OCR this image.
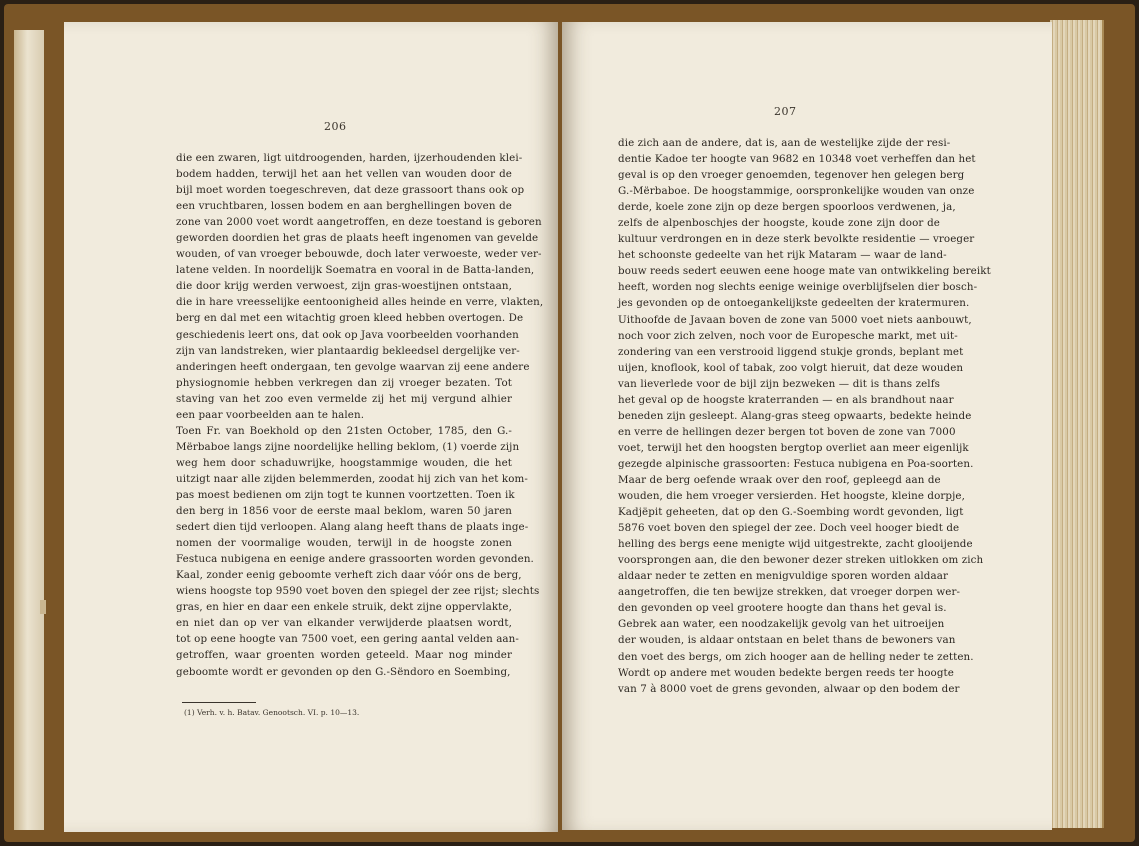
206
die een zwaren, ligt uitdroogenden, harden, ijzerhoudenden klei-
bodem hadden, terwijl het aan het vellen van wouden door de
bijl moet worden toegeschreven, dat deze grassoort thans ook op
een vruchtbaren, lossen bodem en aan berghellingen boven de
zone van 2000 voet wordt aangetroffen, en deze toestand is geboren
geworden doordien het gras de plaats heeft ingenomen van gevelde
wouden, of van vroeger bebouwde, doch later verwoeste, weder ver-
latene velden. In noordelijk Soematra en vooral in de Batta-landen,
die door krijg werden verwoest, zijn gras-woestijnen ontstaan,
die in hare vreesselijke eentoonigheid alles heinde en verre, vlakten,
berg en dal met een witachtig groen kleed hebben overtogen. De
geschiedenis leert ons, dat ook op Java voorbeelden voorhanden
zijn van landstreken, wier plantaardig bekleedsel dergelijke ver-
anderingen heeft ondergaan, ten gevolge waarvan zij eene andere
physiognomie hebben verkregen dan zij vroeger bezaten. Tot
staving van het zoo even vermelde zij het mij vergund alhier
een paar voorbeelden aan te halen.
Toen Fr. van Boekhold op den 21sten October, 1785, den G.-
Mërbaboe langs zijne noordelijke helling beklom, (1) voerde zijn
weg hem door schaduwrijke, hoogstammige wouden, die het
uitzigt naar alle zijden belemmerden, zoodat hij zich van het kom-
pas moest bedienen om zijn togt te kunnen voortzetten. Toen ik
den berg in 1856 voor de eerste maal beklom, waren 50 jaren
sedert dien tijd verloopen. Alang alang heeft thans de plaats inge-
nomen der voormalige wouden, terwijl in de hoogste zonen
Festuca nubigena en eenige andere grassoorten worden gevonden.
Kaal, zonder eenig geboomte verheft zich daar vóór ons de berg,
wiens hoogste top 9590 voet boven den spiegel der zee rijst; slechts
gras, en hier en daar een enkele struik, dekt zijne oppervlakte,
en niet dan op ver van elkander verwijderde plaatsen wordt,
tot op eene hoogte van 7500 voet, een gering aantal velden aan-
getroffen, waar groenten worden geteeld. Maar nog minder
geboomte wordt er gevonden op den G.-Sëndoro en Soembing,
(1) Verh. v. h. Batav. Genootsch. VI. p. 10—13.
207
die zich aan de andere, dat is, aan de westelijke zijde der resi-
dentie Kadoe ter hoogte van 9682 en 10348 voet verheffen dan het
geval is op den vroeger genoemden, tegenover hen gelegen berg
G.-Mërbaboe. De hoogstammige, oorspronkelijke wouden van onze
derde, koele zone zijn op deze bergen spoorloos verdwenen, ja,
zelfs de alpenboschjes der hoogste, koude zone zijn door de
kultuur verdrongen en in deze sterk bevolkte residentie — vroeger
het schoonste gedeelte van het rijk Mataram — waar de land-
bouw reeds sedert eeuwen eene hooge mate van ontwikkeling bereikt
heeft, worden nog slechts eenige weinige overblijfselen dier bosch-
jes gevonden op de ontoegankelijkste gedeelten der kratermuren.
Uithoofde de Javaan boven de zone van 5000 voet niets aanbouwt,
noch voor zich zelven, noch voor de Europesche markt, met uit-
zondering van een verstrooid liggend stukje gronds, beplant met
uijen, knoflook, kool of tabak, zoo volgt hieruit, dat deze wouden
van lieverlede voor de bijl zijn bezweken — dit is thans zelfs
het geval op de hoogste kraterranden — en als brandhout naar
beneden zijn gesleept. Alang-gras steeg opwaarts, bedekte heinde
en verre de hellingen dezer bergen tot boven de zone van 7000
voet, terwijl het den hoogsten bergtop overliet aan meer eigenlijk
gezegde alpinische grassoorten: Festuca nubigena en Poa-soorten.
Maar de berg oefende wraak over den roof, gepleegd aan de
wouden, die hem vroeger versierden. Het hoogste, kleine dorpje,
Kadjëpit geheeten, dat op den G.-Soembing wordt gevonden, ligt
5876 voet boven den spiegel der zee. Doch veel hooger biedt de
helling des bergs eene menigte wijd uitgestrekte, zacht glooijende
voorsprongen aan, die den bewoner dezer streken uitlokken om zich
aldaar neder te zetten en menigvuldige sporen worden aldaar
aangetroffen, die ten bewijze strekken, dat vroeger dorpen wer-
den gevonden op veel grootere hoogte dan thans het geval is.
Gebrek aan water, een noodzakelijk gevolg van het uitroeijen
der wouden, is aldaar ontstaan en belet thans de bewoners van
den voet des bergs, om zich hooger aan de helling neder te zetten.
Wordt op andere met wouden bedekte bergen reeds ter hoogte
van 7 à 8000 voet de grens gevonden, alwaar op den bodem der
